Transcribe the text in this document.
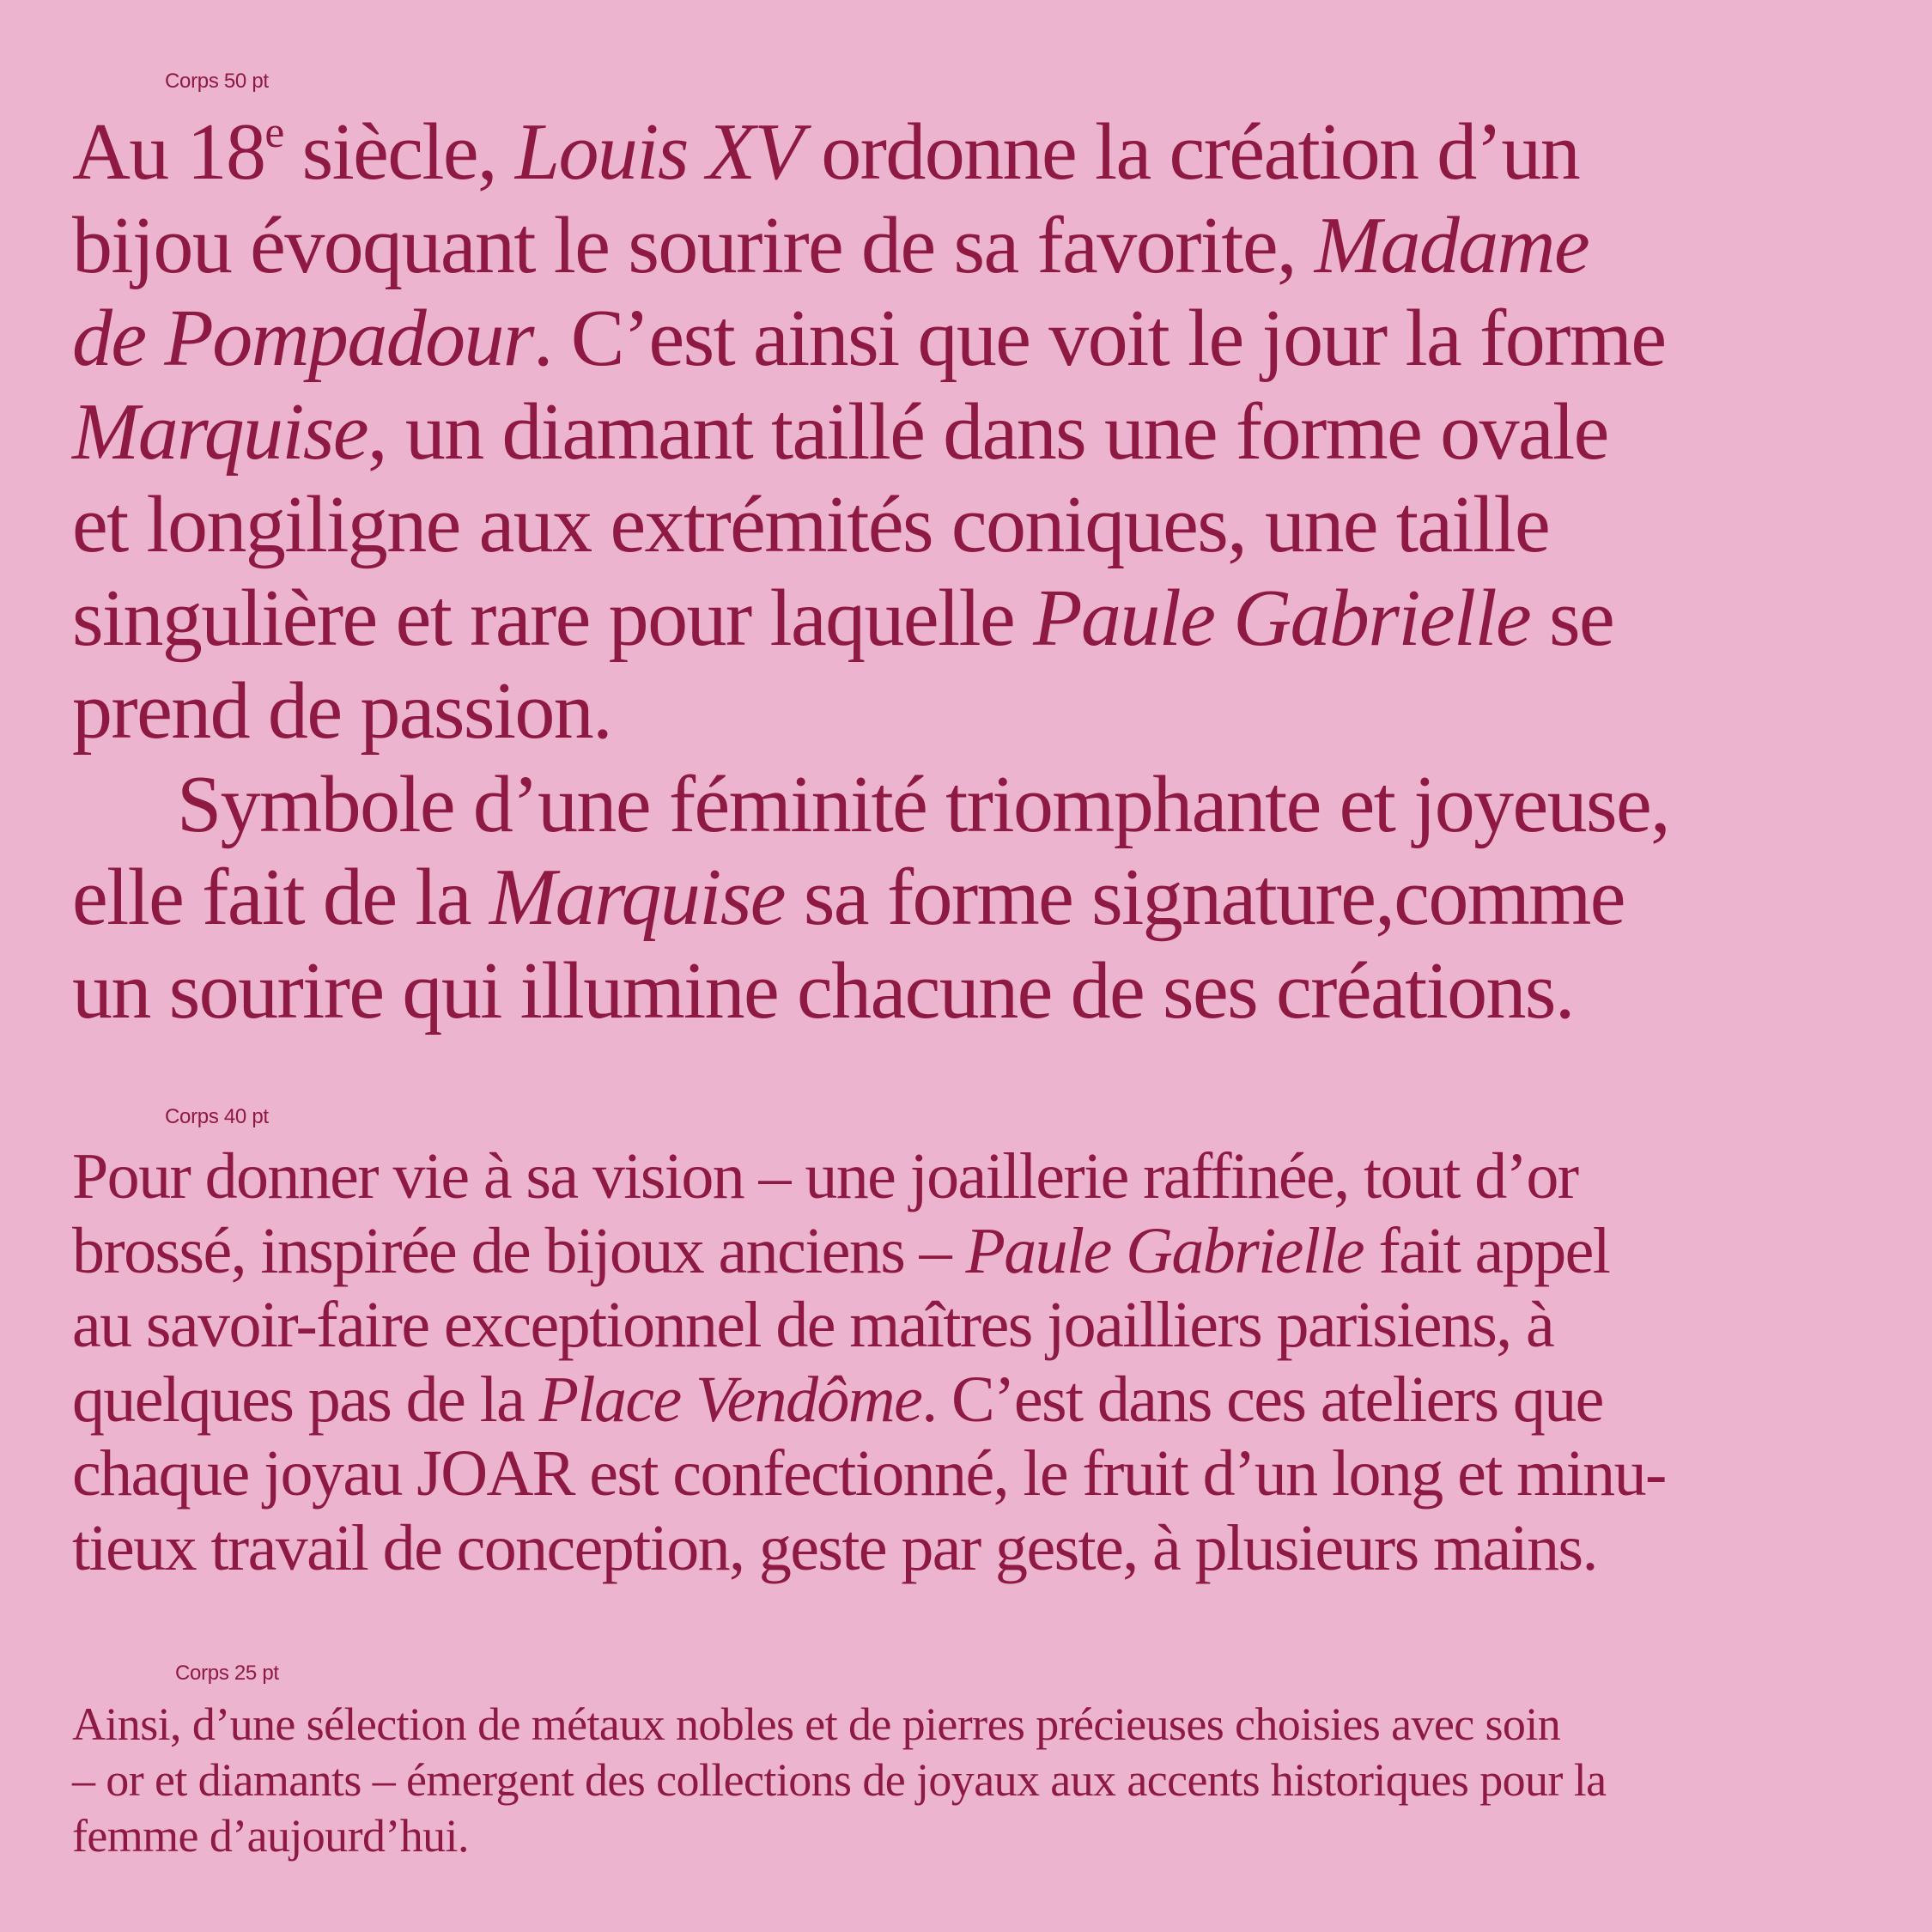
Corps 50 pt

Au 18e siècle, Louis XV ordonne la création d’un
bijou évoquant le sourire de sa favorite, Madame
de Pompadour. C’est ainsi que voit le jour la forme
Marquise, un diamant taillé dans une forme ovale
et longiligne aux extrémités coniques, une taille
singulière et rare pour laquelle Paule Gabrielle se
prend de passion.

Symbole d’une féminité triomphante et joyeuse,
elle fait de la Marquise sa forme signature,comme
un sourire qui illumine chacune de ses créations.

Corps 40 pt

Pour donner vie à sa vision – une joaillerie raffinée, tout d’or
brossé, inspirée de bijoux anciens – Paule Gabrielle fait appel
au savoir-faire exceptionnel de maîtres joailliers parisiens, à
quelques pas de la Place Vendôme. C’est dans ces ateliers que
chaque joyau JOAR est confectionné, le fruit d’un long et minu-
tieux travail de conception, geste par geste, à plusieurs mains.

Corps 25 pt

Ainsi, d’une sélection de métaux nobles et de pierres précieuses choisies avec soin
– or et diamants – émergent des collections de joyaux aux accents historiques pour la
femme d’aujourd’hui.
